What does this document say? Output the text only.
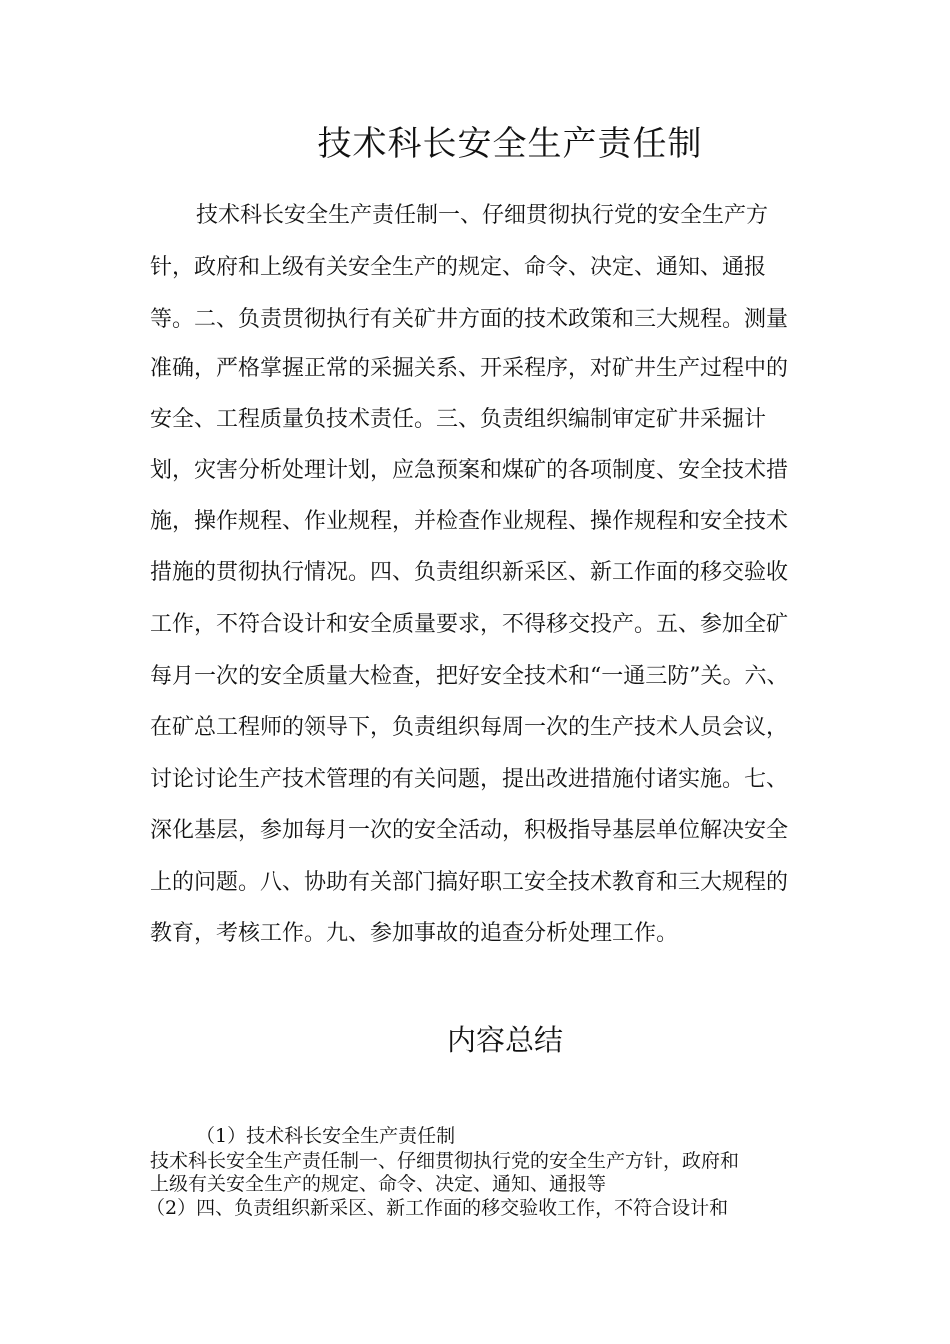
技术科长安全生产责任制

技术科长安全生产责任制一、仔细贯彻执行党的安全生产方

针，政府和上级有关安全生产的规定、命令、决定、通知、通报

等。二、负责贯彻执行有关矿井方面的技术政策和三大规程。测量

准确，严格掌握正常的采掘关系、开采程序，对矿井生产过程中的

安全、工程质量负技术责任。三、负责组织编制审定矿井采掘计

划，灾害分析处理计划，应急预案和煤矿的各项制度、安全技术措

施，操作规程、作业规程，并检查作业规程、操作规程和安全技术

措施的贯彻执行情况。四、负责组织新采区、新工作面的移交验收

工作，不符合设计和安全质量要求，不得移交投产。五、参加全矿

每月一次的安全质量大检查，把好安全技术和“一通三防”关。六、

在矿总工程师的领导下，负责组织每周一次的生产技术人员会议，

讨论讨论生产技术管理的有关问题，提出改进措施付诸实施。七、

深化基层，参加每月一次的安全活动，积极指导基层单位解决安全

上的问题。八、协助有关部门搞好职工安全技术教育和三大规程的

教育，考核工作。九、参加事故的追查分析处理工作。

内容总结

（1）技术科长安全生产责任制

技术科长安全生产责任制一、仔细贯彻执行党的安全生产方针，政府和

上级有关安全生产的规定、命令、决定、通知、通报等

（2）四、负责组织新采区、新工作面的移交验收工作，不符合设计和
